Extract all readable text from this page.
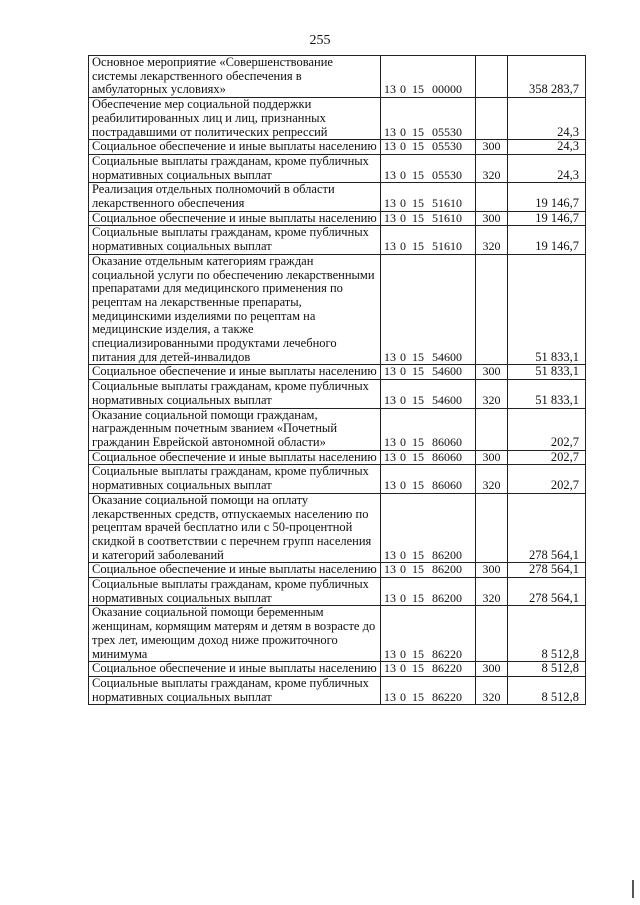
255
Основное мероприятие «Совершенствование системы лекарственного обеспечения в амбулаторных условиях»	13 0 15 00000		358 283,7
Обеспечение мер социальной поддержки реабилитированных лиц и лиц, признанных пострадавшими от политических репрессий	13 0 15 05530		24,3
Социальное обеспечение и иные выплаты населению	13 0 15 05530	300	24,3
Социальные выплаты гражданам, кроме публичных нормативных социальных выплат	13 0 15 05530	320	24,3
Реализация отдельных полномочий в области лекарственного обеспечения	13 0 15 51610		19 146,7
Социальное обеспечение и иные выплаты населению	13 0 15 51610	300	19 146,7
Социальные выплаты гражданам, кроме публичных нормативных социальных выплат	13 0 15 51610	320	19 146,7
Оказание отдельным категориям граждан социальной услуги по обеспечению лекарственными препаратами для медицинского применения по рецептам на лекарственные препараты, медицинскими изделиями по рецептам на медицинские изделия, а также специализированными продуктами лечебного питания для детей-инвалидов	13 0 15 54600		51 833,1
Социальное обеспечение и иные выплаты населению	13 0 15 54600	300	51 833,1
Социальные выплаты гражданам, кроме публичных нормативных социальных выплат	13 0 15 54600	320	51 833,1
Оказание социальной помощи гражданам, награжденным почетным званием «Почетный гражданин Еврейской автономной области»	13 0 15 86060		202,7
Социальное обеспечение и иные выплаты населению	13 0 15 86060	300	202,7
Социальные выплаты гражданам, кроме публичных нормативных социальных выплат	13 0 15 86060	320	202,7
Оказание социальной помощи на оплату лекарственных средств, отпускаемых населению по рецептам врачей бесплатно или с 50-процентной скидкой в соответствии с перечнем групп населения и категорий заболеваний	13 0 15 86200		278 564,1
Социальное обеспечение и иные выплаты населению	13 0 15 86200	300	278 564,1
Социальные выплаты гражданам, кроме публичных нормативных социальных выплат	13 0 15 86200	320	278 564,1
Оказание социальной помощи беременным женщинам, кормящим матерям и детям в возрасте до трех лет, имеющим доход ниже прожиточного минимума	13 0 15 86220		8 512,8
Социальное обеспечение и иные выплаты населению	13 0 15 86220	300	8 512,8
Социальные выплаты гражданам, кроме публичных нормативных социальных выплат	13 0 15 86220	320	8 512,8
